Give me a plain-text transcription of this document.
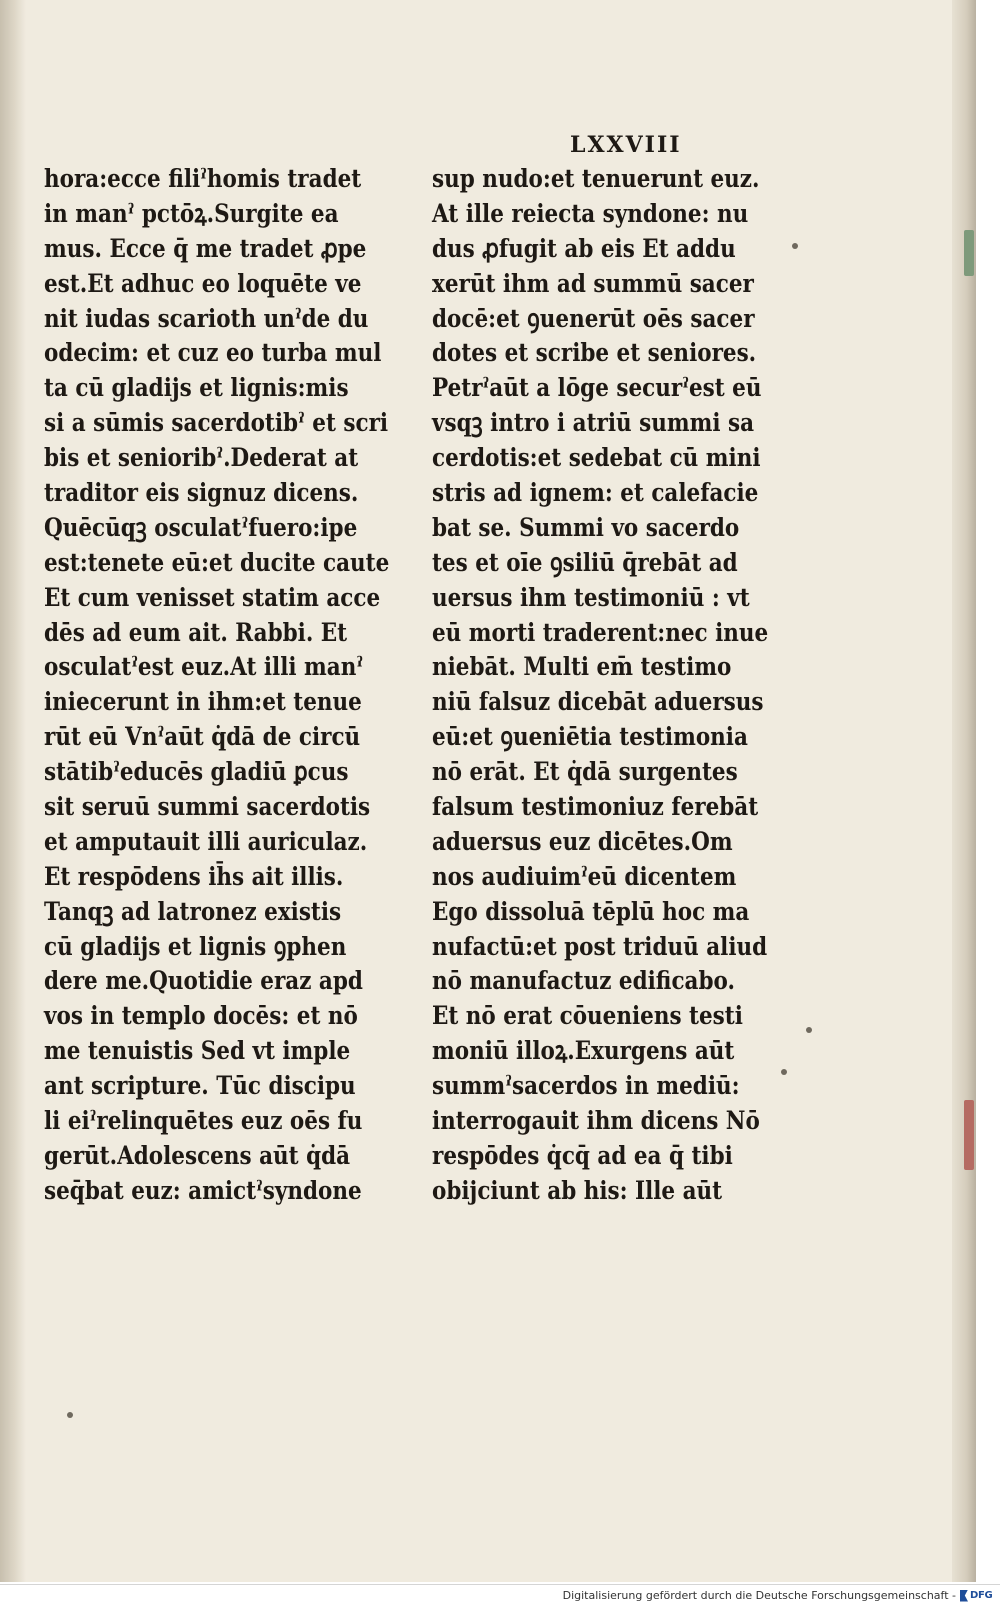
LXXVIII
hora:ecce filiˀhomis tradet
in manˀ pctōꝝ.Surgite ea
mus. Ecce q̄ me tradet ꝓpe
est.Et adhuc eo loquēte ve
nit iudas scarioth unˀde du
odecim: et cuz eo turba mul
ta cū gladijs et lignis:mis
si a sūmis sacerdotibˀ et scri
bis et senioribˀ.Dederat at
traditor eis signuz dicens.
Quēcūqꝫ osculatˀfuero:ipe
est:tenete eū:et ducite caute
Et cum venisset statim acce
dēs ad eum ait. Rabbi. Et
osculatˀest euz.At illi manˀ
iniecerunt in ihm:et tenue
rūt eū Vnˀaūt q̇dā de circū
stātibˀeducēs gladiū ꝑcus
sit seruū summi sacerdotis
et amputauit illi auriculaz.
Et respōdens ih̄s ait illis.
Tanqꝫ ad latronez existis
cū gladijs et lignis ꝯphen
dere me.Quotidie eraz apd
vos in templo docēs: et nō
me tenuistis Sed vt imple
ant scripture. Tūc discipu
li eiˀrelinquētes euz oēs fu
gerūt.Adolescens aūt q̇dā
seq̄bat euz: amictˀsyndone
sup nudo:et tenuerunt euz.
At ille reiecta syndone: nu
dus ꝓfugit ab eis Et addu
xerūt ihm ad summū sacer
docē:et ꝯuenerūt oēs sacer
dotes et scribe et seniores.
Petrˀaūt a lōge securˀest eū
vsqꝫ intro i atriū summi sa
cerdotis:et sedebat cū mini
stris ad ignem: et calefacie
bat se. Summi vo sacerdo
tes et oīe ꝯsiliū q̄rebāt ad
uersus ihm testimoniū : vt
eū morti traderent:nec inue
niebāt. Multi em̄ testimo
niū falsuz dicebāt aduersus
eū:et ꝯueniētia testimonia
nō erāt. Et q̇dā surgentes
falsum testimoniuz ferebāt
aduersus euz dicētes.Om
nos audiuimˀeū dicentem
Ego dissoluā tēplū hoc ma
nufactū:et post triduū aliud
nō manufactuz edificabo.
Et nō erat cōueniens testi
moniū illoꝝ.Exurgens aūt
summˀsacerdos in mediū:
interrogauit ihm dicens Nō
respōdes q̇cq̄ ad ea q̄ tibi
obijciunt ab his: Ille aūt
Digitalisierung gefördert durch die Deutsche Forschungsgemeinschaft - DFG
